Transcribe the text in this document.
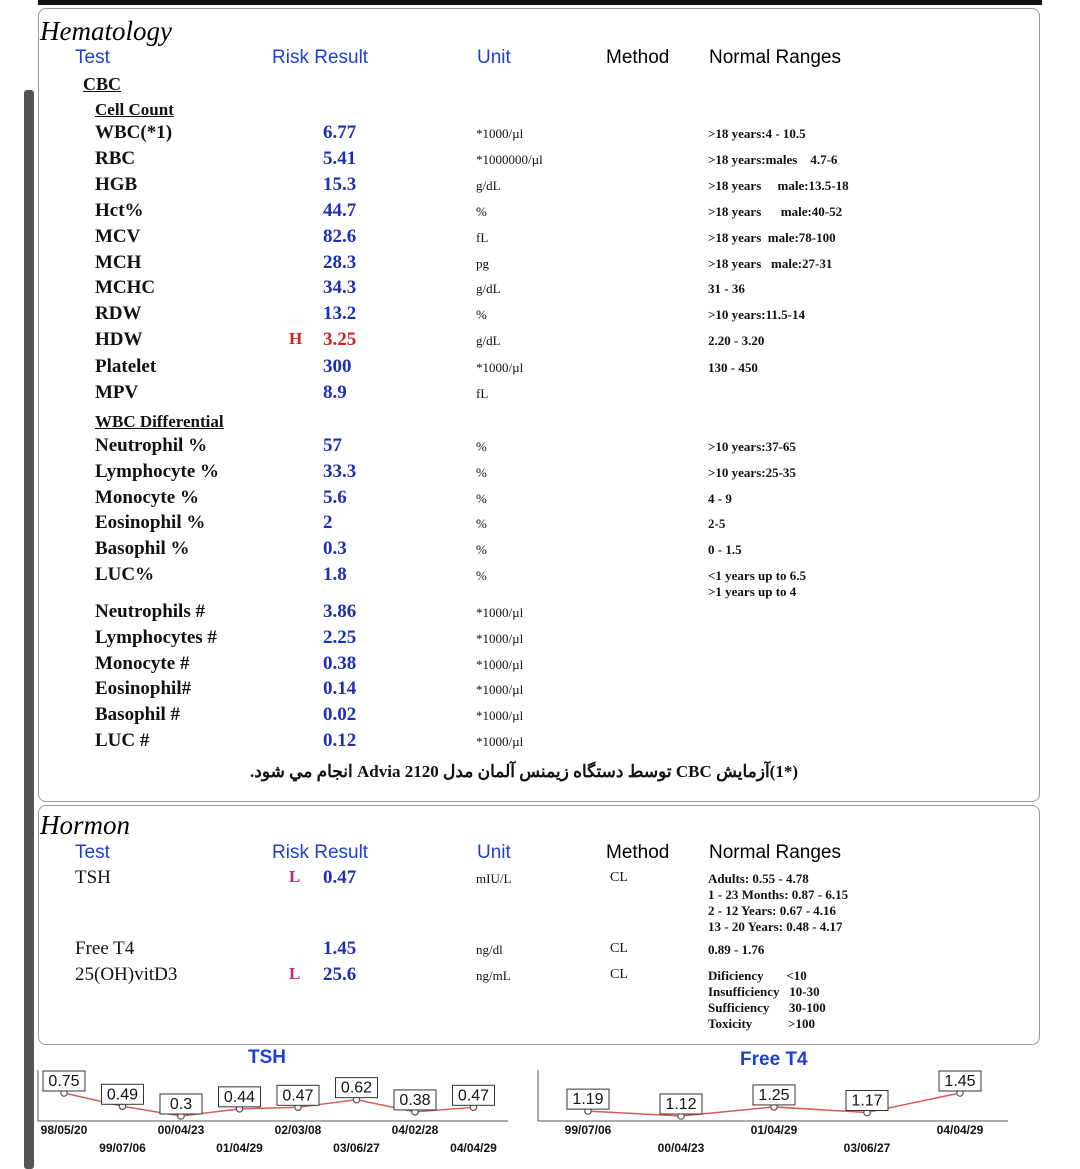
Hematology
Test	Risk Result	Unit	Method Normal Ranges
CBC
Cell Count
WBC(*1)	6.77	*1000/µl	>18 years:4 - 10.5
RBC	5.41	*1000000/µl	>18 years:males    4.7-6
HGB	15.3	g/dL	>18 years     male:13.5-18
Hct%	44.7	%	>18 years      male:40-52
MCV	82.6	fL	>18 years  male:78-100
MCH	28.3	pg	>18 years   male:27-31
MCHC	34.3	g/dL	31 - 36
RDW	13.2	%	>10 years:11.5-14
HDW	H 3.25	g/dL	2.20 - 3.20
Platelet	300	*1000/µl	130 - 450
MPV	8.9	fL
WBC Differential
Neutrophil %	57	%	>10 years:37-65
Lymphocyte %	33.3	%	>10 years:25-35
Monocyte %	5.6	%	4 - 9
Eosinophil %	2	%	2-5
Basophil %	0.3	%	0 - 1.5
LUC%	1.8	%	<1 years up to 6.5
>1 years up to 4
Neutrophils #	3.86	*1000/µl
Lymphocytes #	2.25	*1000/µl
Monocyte #	0.38	*1000/µl
Eosinophil#	0.14	*1000/µl
Basophil #	0.02	*1000/µl
LUC #	0.12	*1000/µl
(*1)آزمايش CBC توسط دستگاه زيمنس آلمان مدل Advia 2120 انجام مي شود.
Hormon
Test	Risk Result	Unit	Method Normal Ranges
TSH	L 0.47	mIU/L	CL	Adults: 0.55 - 4.78
1 - 23 Months: 0.87 - 6.15
2 - 12 Years: 0.67 - 4.16
13 - 20 Years: 0.48 - 4.17
Free T4	1.45	ng/dl	CL	0.89 - 1.76
25(OH)vitD3	L 25.6	ng/mL	CL	Dificiency       <10
Insufficiency   10-30
Sufficiency      30-100
Toxicity           >100
TSH	Free T4
0.75
98/05/20
0.49
99/07/06
0.3
00/04/23
0.44
01/04/29
0.47
02/03/08
0.62
03/06/27
0.38
04/02/28
0.47
04/04/29
1.19
99/07/06
1.12
00/04/23
1.25
01/04/29
1.17
03/06/27
1.45
04/04/29
